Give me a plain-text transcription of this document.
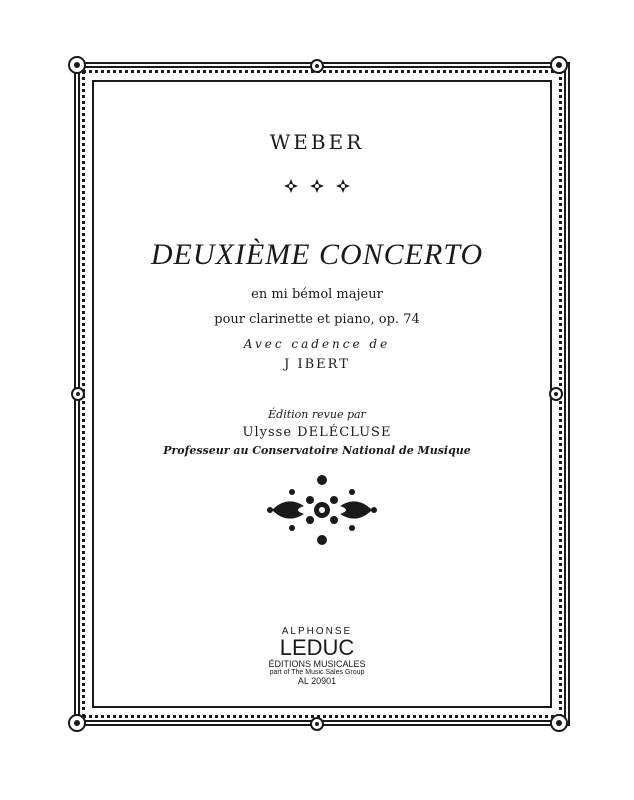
WEBER
DEUXIÈME CONCERTO
en mi bémol majeur
pour clarinette et piano, op. 74
Avec cadence de
J IBERT
Édition revue par
Ulysse DELÉCLUSE
Professeur au Conservatoire National de Musique
ALPHONSE
LEDUC
ÉDITIONS MUSICALES
part of The Music Sales Group
AL 20901
